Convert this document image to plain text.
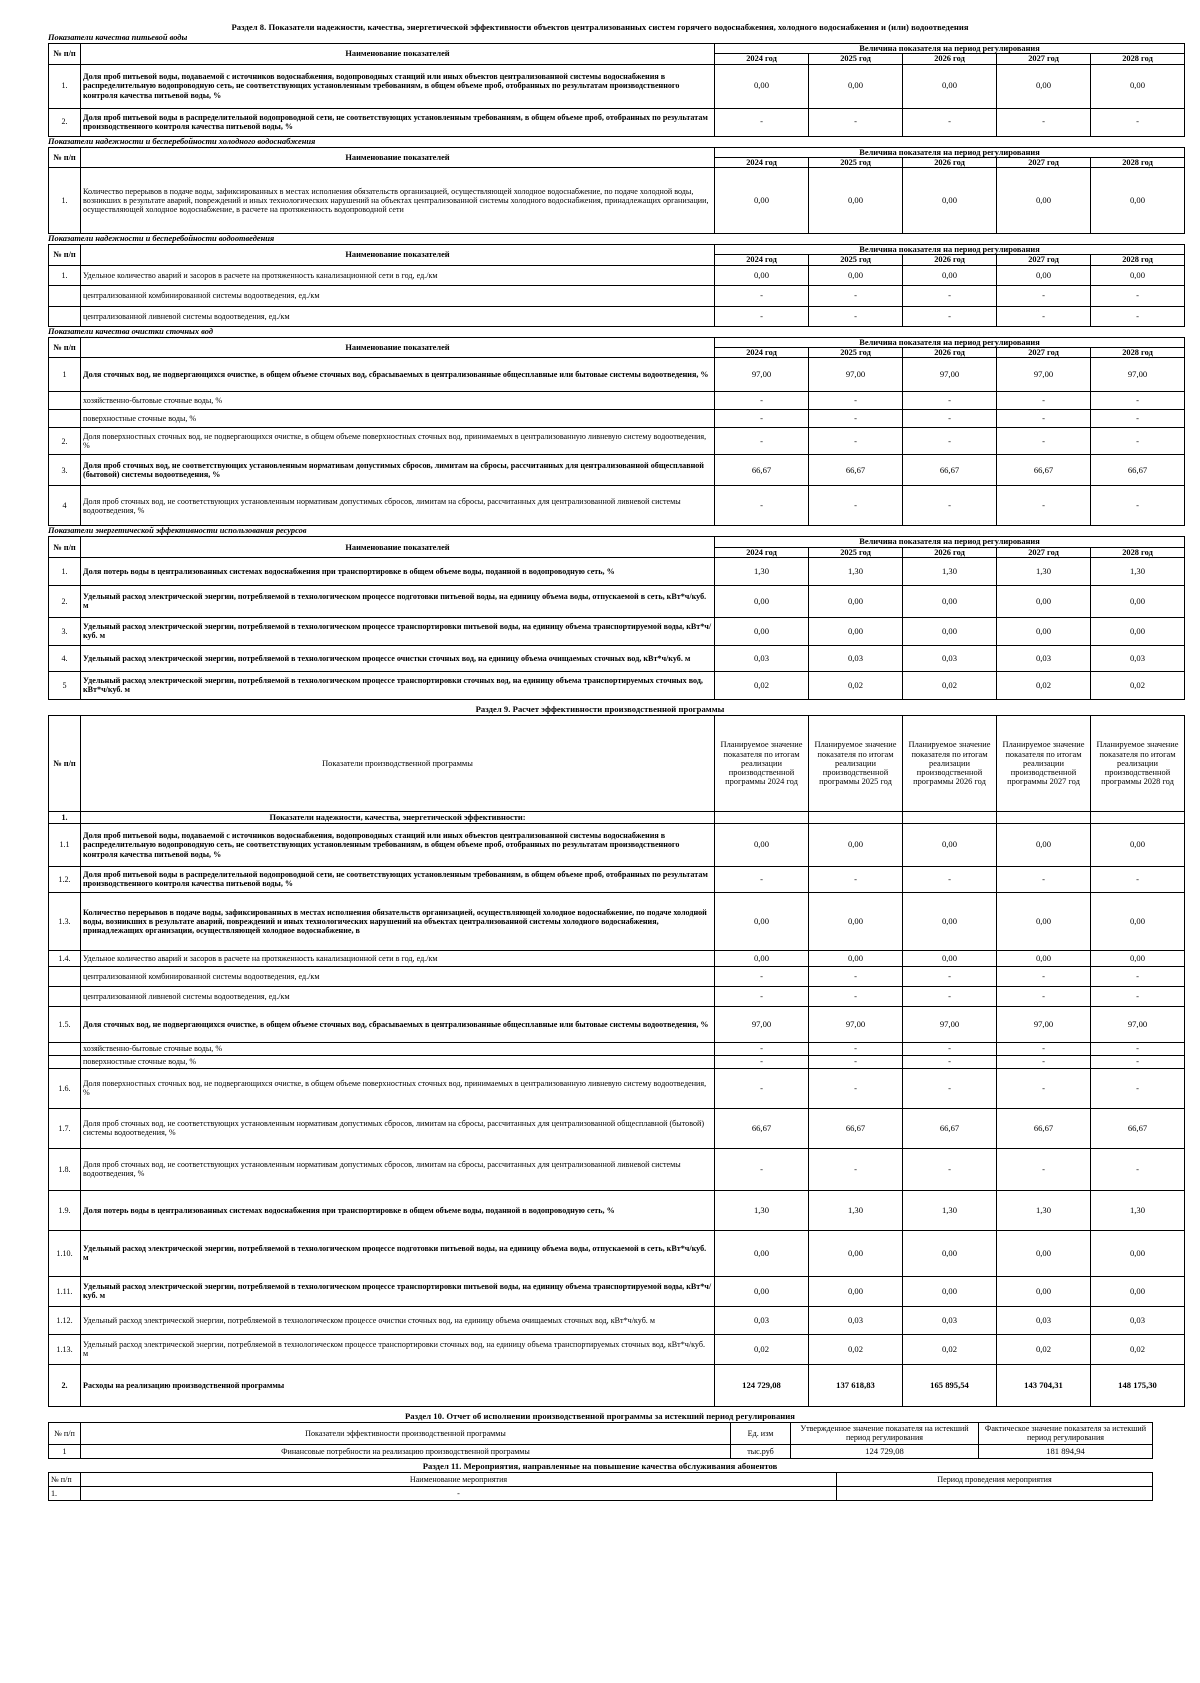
Раздел 8. Показатели надежности, качества, энергетической эффективности объектов централизованных систем горячего водоснабжения, холодного водоснабжения и (или) водоотведения
Показатели качества питьевой воды
№ п/п	Наименование показателей	Величина показателя на период регулирования				
		2024 год	2025 год	2026 год	2027 год	2028 год
1.	Доля проб питьевой воды, подаваемой с источников водоснабжения, водопроводных станций или иных объектов централизованной системы водоснабжения в распределительную водопроводную сеть, не соответствующих установленным требованиям, в общем объеме проб, отобранных по результатам производственного контроля качества питьевой воды, %	0,00	0,00	0,00	0,00	0,00
2.	Доля проб питьевой воды в распределительной водопроводной сети, не соответствующих установленным требованиям, в общем объеме проб, отобранных по результатам производственного контроля качества питьевой воды, %	-	-	-	-	-
Показатели надежности и бесперебойности холодного водоснабжения
№ п/п	Наименование показателей	Величина показателя на период регулирования				
		2024 год	2025 год	2026 год	2027 год	2028 год
1.	Количество перерывов в подаче воды, зафиксированных в местах исполнения обязательств организацией, осуществляющей холодное водоснабжение, по подаче холодной воды, возникших в результате аварий, повреждений и иных технологических нарушений на объектах централизованной системы холодного водоснабжения, принадлежащих организации, осуществляющей холодное водоснабжение, в расчете на протяженность водопроводной сети	0,00	0,00	0,00	0,00	0,00
Показатели надежности и бесперебойности водоотведения
№ п/п	Наименование показателей	Величина показателя на период регулирования				
		2024 год	2025 год	2026 год	2027 год	2028 год
1.	Удельное количество аварий и засоров в расчете на протяженность канализационной сети в год, ед./км	0,00	0,00	0,00	0,00	0,00
	централизованной комбинированной системы водоотведения, ед./км	-	-	-	-	-
	централизованной ливневой системы водоотведения, ед./км	-	-	-	-	-
Показатели качества очистки сточных вод
№ п/п	Наименование показателей	Величина показателя на период регулирования				
		2024 год	2025 год	2026 год	2027 год	2028 год
1	Доля сточных вод, не подвергающихся очистке, в общем объеме сточных вод, сбрасываемых в централизованные общесплавные или бытовые системы водоотведения, %	97,00	97,00	97,00	97,00	97,00
	хозяйственно-бытовые сточные воды, %	-	-	-	-	-
	поверхностные сточные воды, %	-	-	-	-	-
2.	Доля поверхностных сточных вод, не подвергающихся очистке, в общем объеме поверхностных сточных вод, принимаемых в централизованную ливневую систему водоотведения, %	-	-	-	-	-
3.	Доля проб сточных вод, не соответствующих установленным нормативам допустимых сбросов, лимитам на сбросы, рассчитанных для централизованной общесплавной (бытовой) системы водоотведения, %	66,67	66,67	66,67	66,67	66,67
4	Доля проб сточных вод, не соответствующих установленным нормативам допустимых сбросов, лимитам на сбросы, рассчитанных для централизованной ливневой системы водоотведения, %	-	-	-	-	-
Показатели энергетической эффективности использования ресурсов
№ п/п	Наименование показателей	Величина показателя на период регулирования				
		2024 год	2025 год	2026 год	2027 год	2028 год
1.	Доля потерь воды в централизованных системах водоснабжения при транспортировке в общем объеме воды, поданной в водопроводную сеть, %	1,30	1,30	1,30	1,30	1,30
2.	Удельный расход электрической энергии, потребляемой в технологическом процессе подготовки питьевой воды, на единицу объема воды, отпускаемой в сеть, кВт*ч/куб. м	0,00	0,00	0,00	0,00	0,00
3.	Удельный расход электрической энергии, потребляемой в технологическом процессе транспортировки питьевой воды, на единицу объема транспортируемой воды, кВт*ч/куб. м	0,00	0,00	0,00	0,00	0,00
4.	Удельный расход электрической энергии, потребляемой в технологическом процессе очистки сточных вод, на единицу объема очищаемых сточных вод, кВт*ч/куб. м	0,03	0,03	0,03	0,03	0,03
5	Удельный расход электрической энергии, потребляемой в технологическом процессе транспортировки сточных вод, на единицу объема транспортируемых сточных вод, кВт*ч/куб. м	0,02	0,02	0,02	0,02	0,02
Раздел 9. Расчет эффективности производственной программы
№ п/п	Показатели производственной программы	Планируемое значение показателя по итогам реализации производственной программы 2024 год	Планируемое значение показателя по итогам реализации производственной программы 2025 год	Планируемое значение показателя по итогам реализации производственной программы 2026 год	Планируемое значение показателя по итогам реализации производственной программы 2027 год	Планируемое значение показателя по итогам реализации производственной программы 2028 год
1.	Показатели надежности, качества, энергетической эффективности:					
1.1	Доля проб питьевой воды, подаваемой с источников водоснабжения, водопроводных станций или иных объектов централизованной системы водоснабжения в распределительную водопроводную сеть, не соответствующих установленным требованиям, в общем объеме проб, отобранных по результатам производственного контроля качества питьевой воды, %	0,00	0,00	0,00	0,00	0,00
1.2.	Доля проб питьевой воды в распределительной водопроводной сети, не соответствующих установленным требованиям, в общем объеме проб, отобранных по результатам производственного контроля качества питьевой воды, %	-	-	-	-	-
1.3.	Количество перерывов в подаче воды, зафиксированных в местах исполнения обязательств организацией, осуществляющей холодное водоснабжение, по подаче холодной воды, возникших в результате аварий, повреждений и иных технологических нарушений на объектах централизованной системы холодного водоснабжения, принадлежащих организации, осуществляющей холодное водоснабжение, в	0,00	0,00	0,00	0,00	0,00
1.4.	Удельное количество аварий и засоров в расчете на протяженность канализационной сети в год, ед./км	0,00	0,00	0,00	0,00	0,00
	централизованной комбинированной системы водоотведения, ед./км	-	-	-	-	-
	централизованной ливневой системы водоотведения, ед./км	-	-	-	-	-
1.5.	Доля сточных вод, не подвергающихся очистке, в общем объеме сточных вод, сбрасываемых в централизованные общесплавные или бытовые системы водоотведения, %	97,00	97,00	97,00	97,00	97,00
	хозяйственно-бытовые сточные воды, %	-	-	-	-	-
	поверхностные сточные воды, %	-	-	-	-	-
1.6.	Доля поверхностных сточных вод, не подвергающихся очистке, в общем объеме поверхностных сточных вод, принимаемых в централизованную ливневую систему водоотведения, %	-	-	-	-	-
1.7.	Доля проб сточных вод, не соответствующих установленным нормативам допустимых сбросов, лимитам на сбросы, рассчитанных для централизованной общесплавной (бытовой) системы водоотведения, %	66,67	66,67	66,67	66,67	66,67
1.8.	Доля проб сточных вод, не соответствующих установленным нормативам допустимых сбросов, лимитам на сбросы, рассчитанных для централизованной ливневой системы водоотведения, %	-	-	-	-	-
1.9.	Доля потерь воды в централизованных системах водоснабжения при транспортировке в общем объеме воды, поданной в водопроводную сеть, %	1,30	1,30	1,30	1,30	1,30
1.10.	Удельный расход электрической энергии, потребляемой в технологическом процессе подготовки питьевой воды, на единицу объема воды, отпускаемой в сеть, кВт*ч/куб. м	0,00	0,00	0,00	0,00	0,00
1.11.	Удельный расход электрической энергии, потребляемой в технологическом процессе транспортировки питьевой воды, на единицу объема транспортируемой воды, кВт*ч/куб. м	0,00	0,00	0,00	0,00	0,00
1.12.	Удельный расход электрической энергии, потребляемой в технологическом процессе очистки сточных вод, на единицу объема очищаемых сточных вод, кВт*ч/куб. м	0,03	0,03	0,03	0,03	0,03
1.13.	Удельный расход электрической энергии, потребляемой в технологическом процессе транспортировки сточных вод, на единицу объема транспортируемых сточных вод, кВт*ч/куб. м	0,02	0,02	0,02	0,02	0,02
2.	Расходы на реализацию производственной программы	124 729,08	137 618,83	165 895,54	143 704,31	148 175,30
Раздел 10. Отчет об исполнении производственной программы за истекший период регулирования
№ п/п	Показатели эффективности производственной программы	Ед. изм	Утвержденное значение показателя на истекший период регулирования	Фактическое значение показателя за истекший период регулирования
1	Финансовые потребности на реализацию производственной программы	тыс.руб	124 729,08	181 894,94
Раздел 11. Мероприятия, направленные на повышение качества обслуживания абонентов
№ п/п	Наименование мероприятия	Период проведения мероприятия
1.	-	
